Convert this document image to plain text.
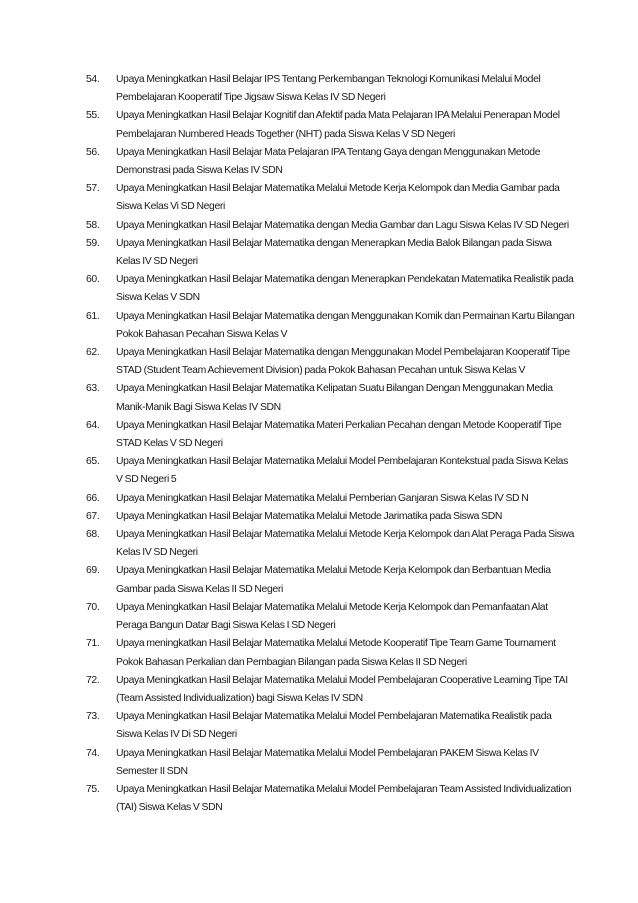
54.	Upaya Meningkatkan Hasil Belajar IPS Tentang Perkembangan Teknologi Komunikasi Melalui Model Pembelajaran Kooperatif Tipe Jigsaw Siswa Kelas IV SD Negeri
55.	Upaya Meningkatkan Hasil Belajar Kognitif dan Afektif pada Mata Pelajaran IPA Melalui Penerapan Model Pembelajaran Numbered Heads Together (NHT) pada Siswa Kelas V SD Negeri
56.	Upaya Meningkatkan Hasil Belajar Mata Pelajaran IPA Tentang Gaya dengan Menggunakan Metode Demonstrasi pada Siswa Kelas IV SDN
57.	Upaya Meningkatkan Hasil Belajar Matematika Melalui Metode Kerja Kelompok dan Media Gambar pada Siswa Kelas Vi SD Negeri
58.	Upaya Meningkatkan Hasil Belajar Matematika dengan Media Gambar dan Lagu Siswa Kelas IV SD Negeri
59.	Upaya Meningkatkan Hasil Belajar Matematika dengan Menerapkan Media Balok Bilangan pada Siswa Kelas IV SD Negeri
60.	Upaya Meningkatkan Hasil Belajar Matematika dengan Menerapkan Pendekatan Matematika Realistik pada Siswa Kelas V SDN
61.	Upaya Meningkatkan Hasil Belajar Matematika dengan Menggunakan Komik dan Permainan Kartu Bilangan Pokok Bahasan Pecahan Siswa Kelas V
62.	Upaya Meningkatkan Hasil Belajar Matematika dengan Menggunakan Model Pembelajaran Kooperatif Tipe STAD (Student Team Achievement Division) pada Pokok Bahasan Pecahan untuk Siswa Kelas V
63.	Upaya Meningkatkan Hasil Belajar Matematika Kelipatan Suatu Bilangan Dengan Menggunakan Media Manik-Manik Bagi Siswa Kelas IV SDN
64.	Upaya Meningkatkan Hasil Belajar Matematika Materi Perkalian Pecahan dengan Metode Kooperatif Tipe STAD Kelas V SD Negeri
65.	Upaya Meningkatkan Hasil Belajar Matematika Melalui Model Pembelajaran Kontekstual pada Siswa Kelas V SD Negeri 5
66.	Upaya Meningkatkan Hasil Belajar Matematika Melalui Pemberian Ganjaran Siswa Kelas IV SD N
67.	Upaya Meningkatkan Hasil Belajar Matematika Melalui Metode Jarimatika pada Siswa SDN
68.	Upaya Meningkatkan Hasil Belajar Matematika Melalui Metode Kerja Kelompok dan Alat Peraga Pada Siswa Kelas IV SD Negeri
69.	Upaya Meningkatkan Hasil Belajar Matematika Melalui Metode Kerja Kelompok dan Berbantuan Media Gambar pada Siswa Kelas II SD Negeri
70.	Upaya Meningkatkan Hasil Belajar Matematika Melalui Metode Kerja Kelompok dan Pemanfaatan Alat Peraga Bangun Datar Bagi Siswa Kelas I SD Negeri
71.	Upaya meningkatkan Hasil Belajar Matematika Melalui Metode Kooperatif Tipe Team Game Tournament Pokok Bahasan Perkalian dan Pembagian Bilangan pada Siswa Kelas II SD Negeri
72.	Upaya Meningkatkan Hasil Belajar Matematika Melalui Model Pembelajaran Cooperative Learning Tipe TAI (Team Assisted Individualization) bagi Siswa Kelas IV SDN
73.	Upaya Meningkatkan Hasil Belajar Matematika Melalui Model Pembelajaran Matematika Realistik pada Siswa Kelas IV Di SD Negeri
74.	Upaya Meningkatkan Hasil Belajar Matematika Melalui Model Pembelajaran PAKEM Siswa Kelas IV Semester II SDN
75.	Upaya Meningkatkan Hasil Belajar Matematika Melalui Model Pembelajaran Team Assisted Individualization (TAI) Siswa Kelas V SDN
